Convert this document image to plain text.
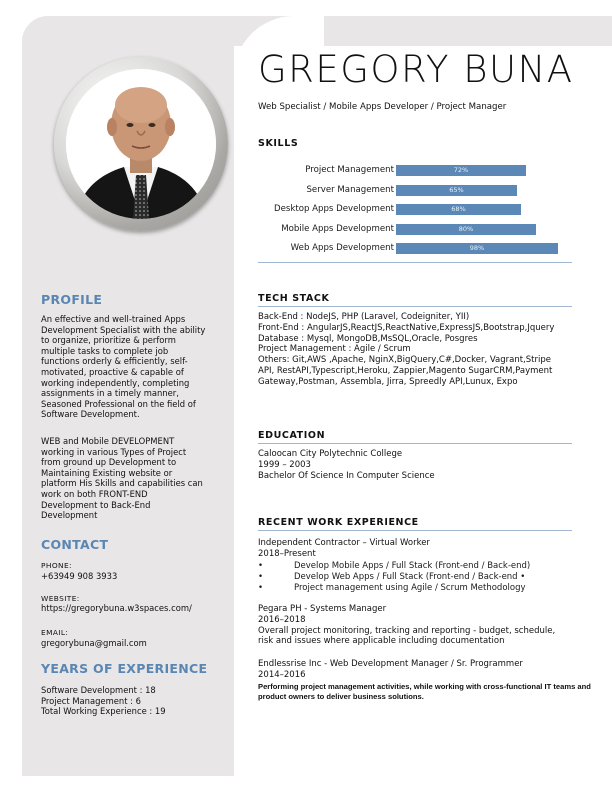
GREGORY BUNA
Web Specialist / Mobile Apps Developer / Project Manager
SKILLS
Project Management	72%
Server Management	65%
Desktop Apps Development	68%
Mobile Apps Development	80%
Web Apps Development	98%
TECH STACK
Back-End : NodeJS, PHP (Laravel, Codeigniter, YII)
Front-End : AngularJS,ReactJS,ReactNative,ExpressJS,Bootstrap,Jquery
Database : Mysql, MongoDB,MsSQL,Oracle, Posgres
Project Management : Agile / Scrum
Others: Git,AWS ,Apache, NginX,BigQuery,C#,Docker, Vagrant,Stripe
API, RestAPI,Typescript,Heroku, Zappier,Magento SugarCRM,Payment
Gateway,Postman, Assembla, Jirra, Spreedly API,Lunux, Expo
EDUCATION
Caloocan City Polytechnic College
1999 – 2003
Bachelor Of Science In Computer Science
RECENT WORK EXPERIENCE
Independent Contractor – Virtual Worker
2018–Present
•	Develop Mobile Apps / Full Stack (Front-end / Back-end)
•	Develop Web Apps / Full Stack (Front-end / Back-end •
•	Project management using Agile / Scrum Methodology
Pegara PH - Systems Manager
2016–2018
Overall project monitoring, tracking and reporting - budget, schedule,
risk and issues where applicable including documentation
Endlessrise Inc - Web Development Manager / Sr. Programmer
2014–2016
Performing project management activities, while working with cross-functional IT teams and
product owners to deliver business solutions.
PROFILE
An effective and well-trained Apps
Development Specialist with the ability
to organize, prioritize & perform
multiple tasks to complete job
functions orderly & efficiently, self-
motivated, proactive & capable of
working independently, completing
assignments in a timely manner,
Seasoned Professional on the field of
Software Development.
WEB and Mobile DEVELOPMENT
working in various Types of Project
from ground up Development to
Maintaining Existing website or
platform His Skills and capabilities can
work on both FRONT-END
Development to Back-End
Development
CONTACT
PHONE:
+63949 908 3933
WEBSITE:
https://gregorybuna.w3spaces.com/
EMAIL:
gregorybuna@gmail.com
YEARS OF EXPERIENCE
Software Development : 18
Project Management : 6
Total Working Experience : 19
